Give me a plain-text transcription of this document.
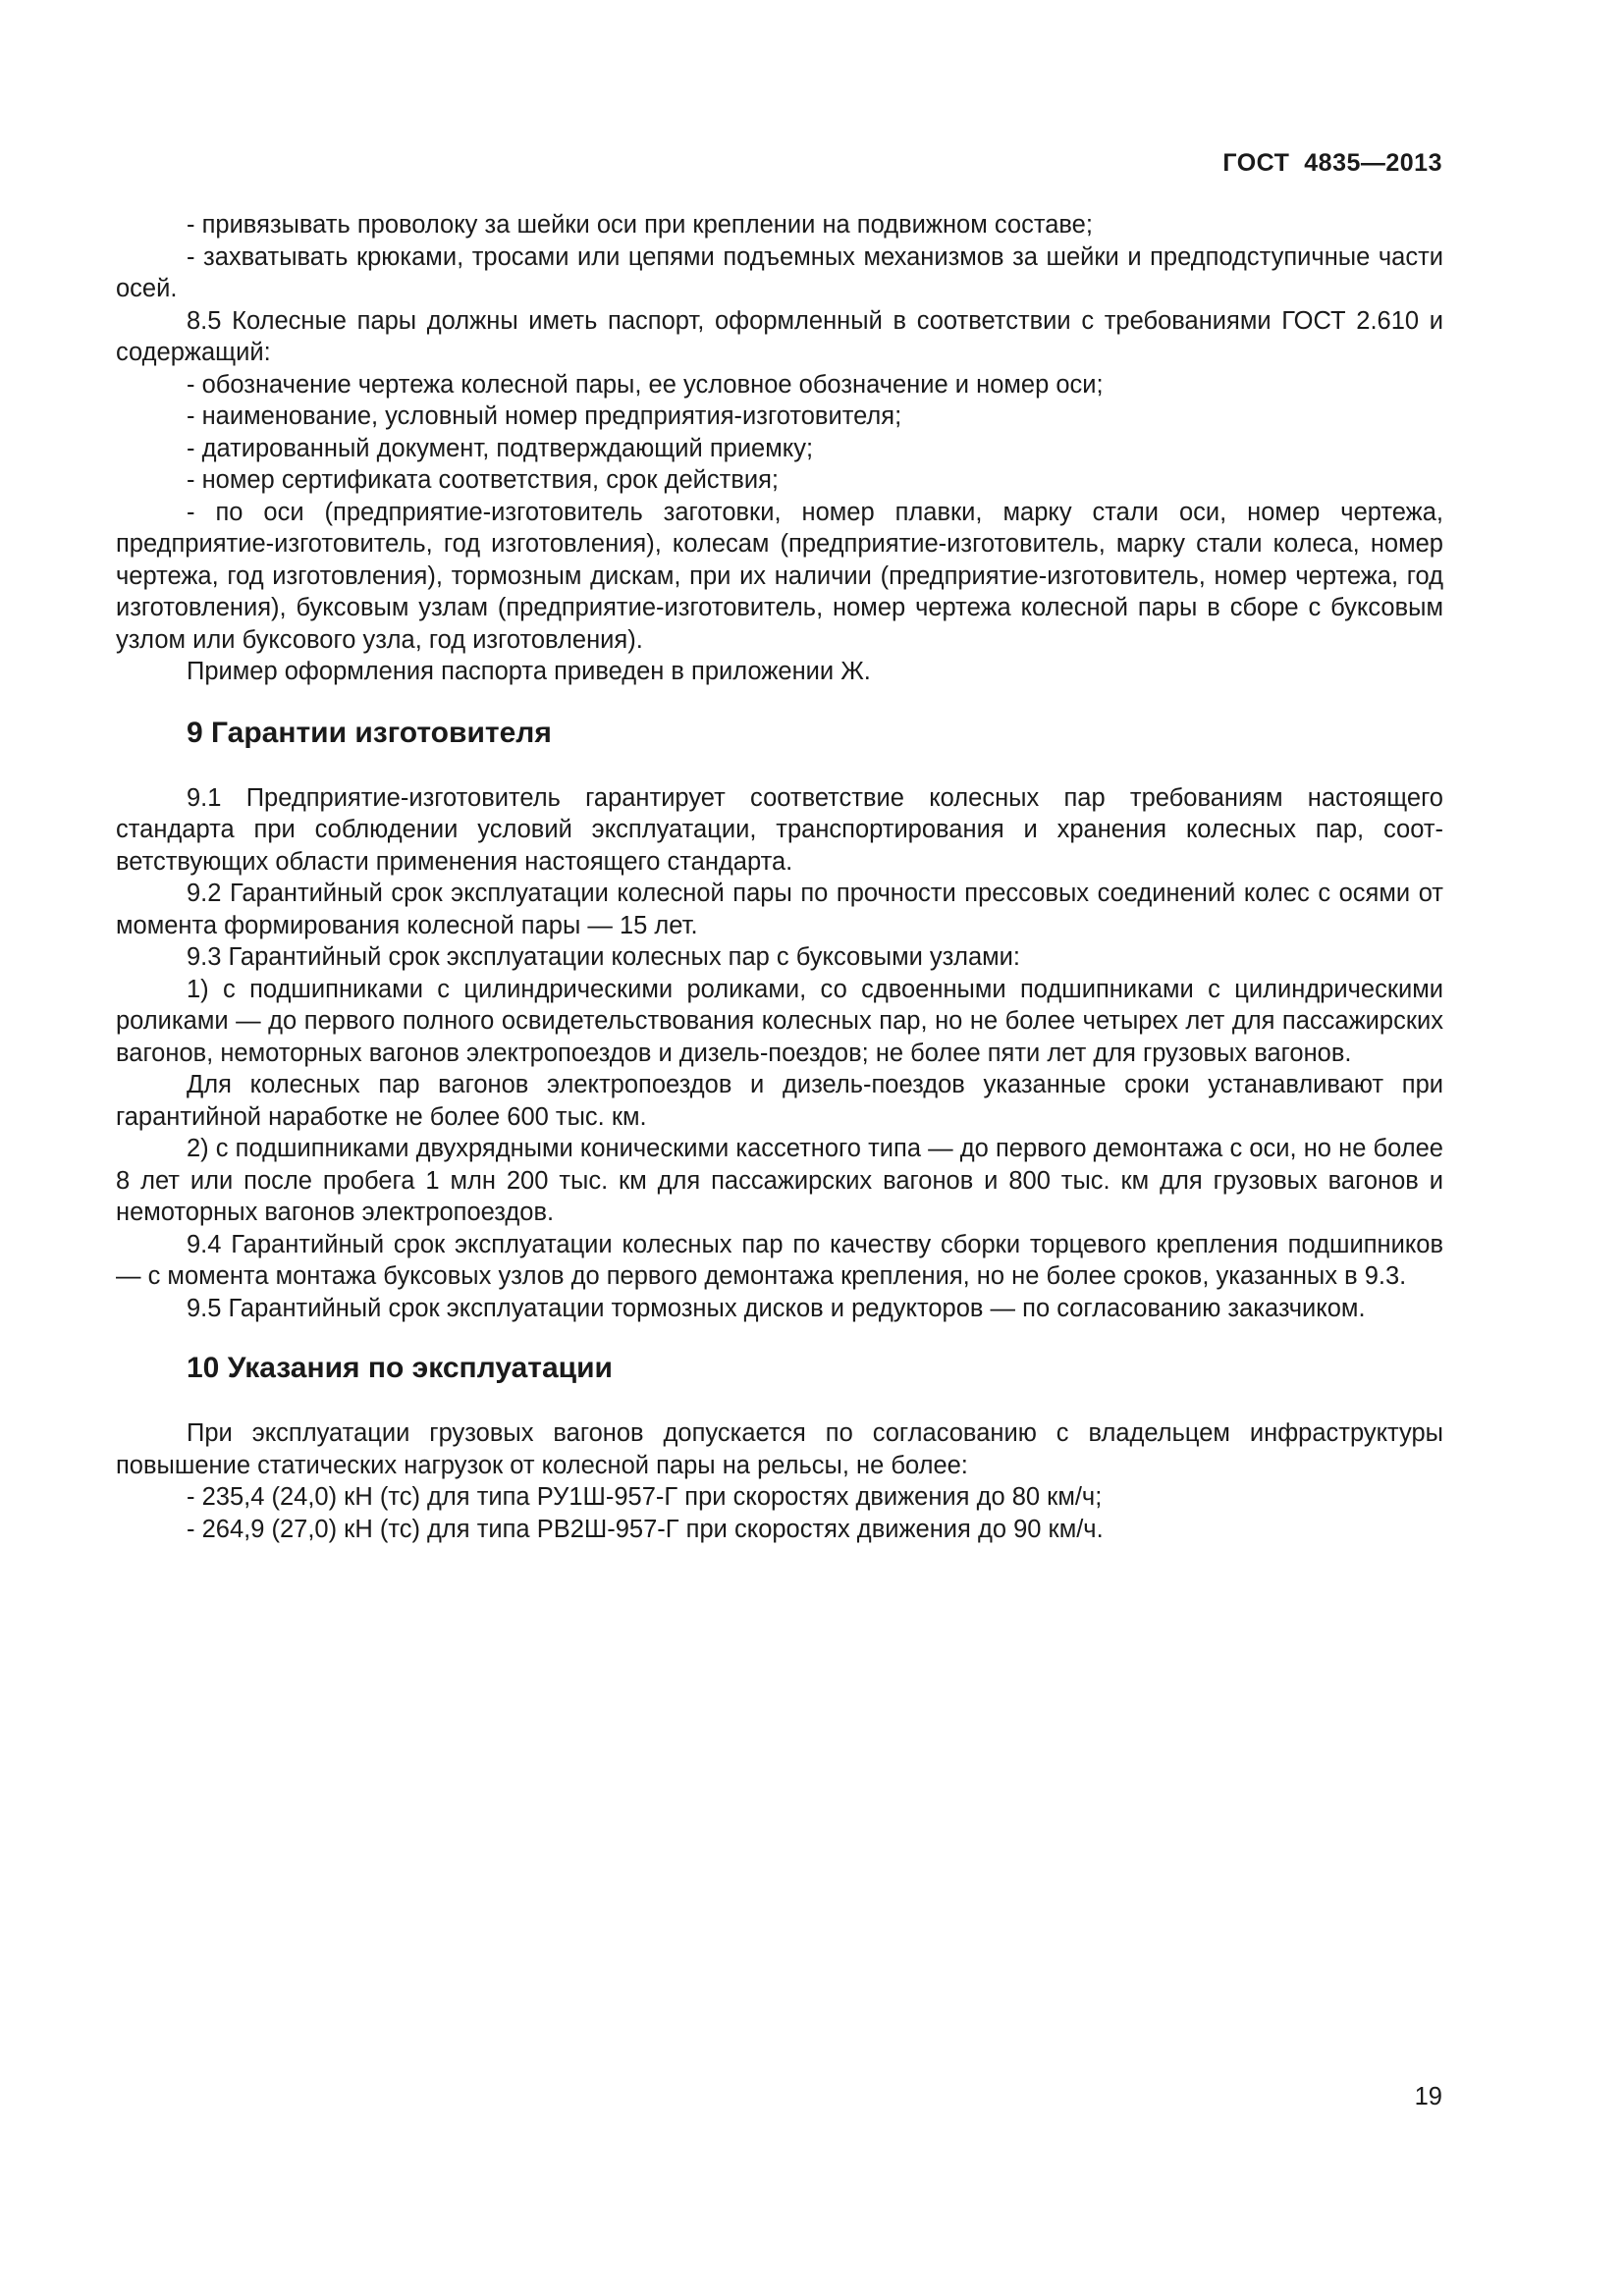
ГОСТ  4835—2013

- привязывать проволоку за шейки оси при креплении на подвижном составе;

- захватывать крюками, тросами или цепями подъемных механизмов за шейки и предподступичные части осей.

8.5 Колесные пары должны иметь паспорт, оформленный в соответствии с требованиями ГОСТ 2.610 и содержащий:

- обозначение чертежа колесной пары, ее условное обозначение и номер оси;

- наименование, условный номер предприятия-изготовителя;

- датированный документ, подтверждающий приемку;

- номер сертификата соответствия, срок действия;

- по оси (предприятие-изготовитель заготовки, номер плавки, марку стали оси, номер чертежа, предприятие-изготовитель, год изготовления), колесам (предприятие-изготовитель, марку стали колеса, номер чертежа, год изготовления), тормозным дискам, при их наличии (предприятие-изготовитель, номер чертежа, год изготовления), буксовым узлам (предприятие-изготовитель, номер чертежа колесной пары в сборе с буксовым узлом или буксового узла, год изготовления).

Пример оформления паспорта приведен в приложении Ж.

9 Гарантии изготовителя

9.1 Предприятие-изготовитель гарантирует соответствие колесных пар требованиям настоящего стандарта при соблюдении условий эксплуатации, транспортирования и хранения колесных пар, соответствующих области применения настоящего стандарта.

9.2 Гарантийный срок эксплуатации колесной пары по прочности прессовых соединений колес с осями от момента формирования колесной пары — 15 лет.

9.3 Гарантийный срок эксплуатации колесных пар с буксовыми узлами:

1) с подшипниками с цилиндрическими роликами, со сдвоенными подшипниками с цилиндрическими роликами — до первого полного освидетельствования колесных пар, но не более четырех лет для пассажирских вагонов, немоторных вагонов электропоездов и дизель-поездов; не более пяти лет для грузовых вагонов.

Для колесных пар вагонов электропоездов и дизель-поездов указанные сроки устанавливают при гарантийной наработке не более 600 тыс. км.

2) с подшипниками двухрядными коническими кассетного типа — до первого демонтажа с оси, но не более 8 лет или после пробега 1 млн 200 тыс. км для пассажирских вагонов и 800 тыс. км для грузовых вагонов и немоторных вагонов электропоездов.

9.4 Гарантийный срок эксплуатации колесных пар по качеству сборки торцевого крепления подшипников — с момента монтажа буксовых узлов до первого демонтажа крепления, но не более сроков, указанных в 9.3.

9.5 Гарантийный срок эксплуатации тормозных дисков и редукторов — по согласованию заказчиком.

10 Указания по эксплуатации

При эксплуатации грузовых вагонов допускается по согласованию с владельцем инфраструктуры повышение статических нагрузок от колесной пары на рельсы, не более:

- 235,4 (24,0) кН (тс) для типа РУ1Ш-957-Г при скоростях движения до 80 км/ч;

- 264,9 (27,0) кН (тс) для типа РВ2Ш-957-Г при скоростях движения до 90 км/ч.

19
